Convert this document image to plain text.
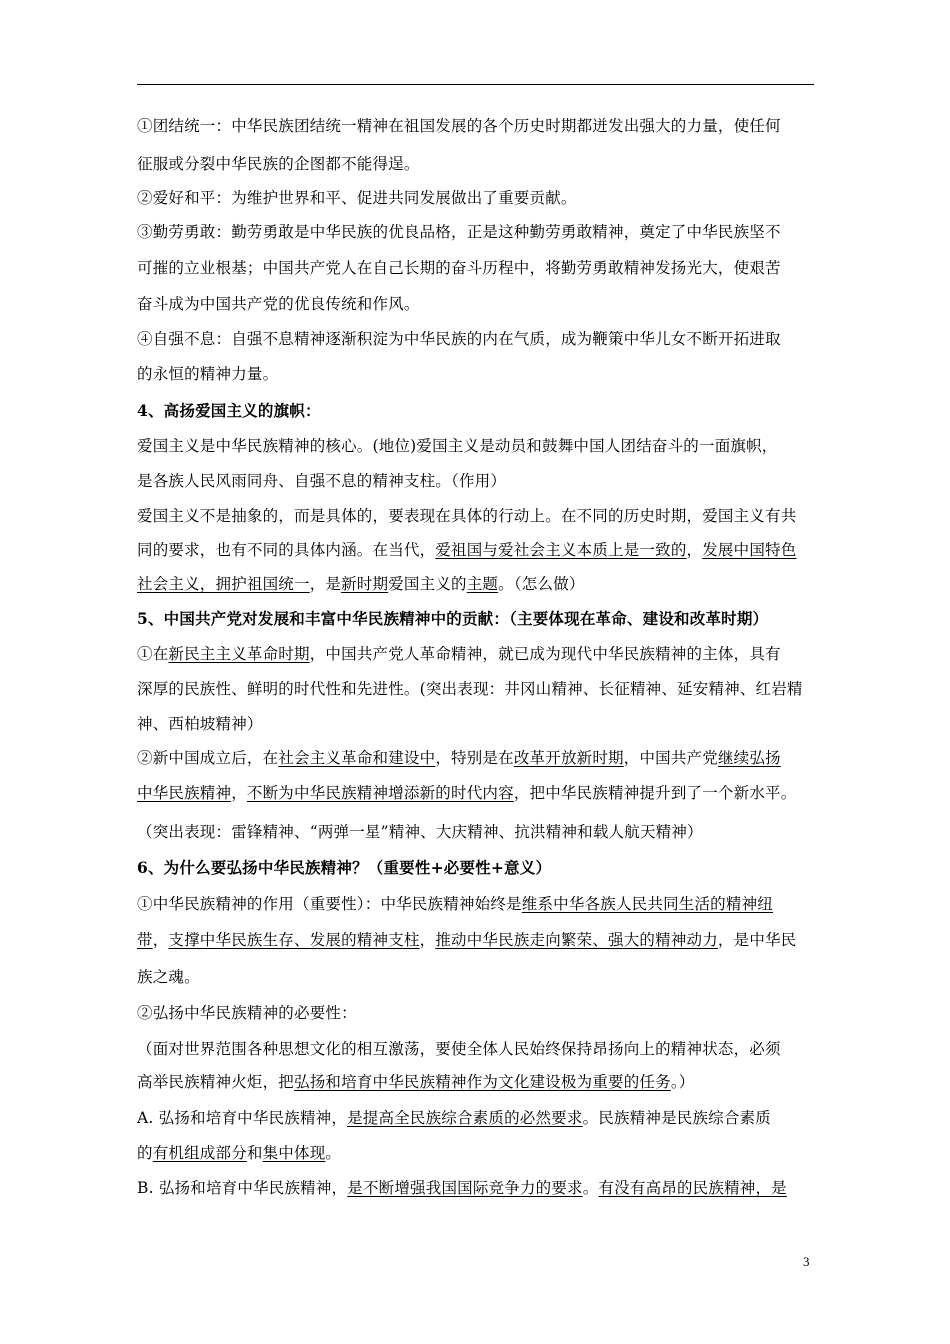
①团结统一：中华民族团结统一精神在祖国发展的各个历史时期都迸发出强大的力量，使任何
征服或分裂中华民族的企图都不能得逞。
②爱好和平：为维护世界和平、促进共同发展做出了重要贡献。
③勤劳勇敢：勤劳勇敢是中华民族的优良品格，正是这种勤劳勇敢精神，奠定了中华民族坚不
可摧的立业根基；中国共产党人在自己长期的奋斗历程中，将勤劳勇敢精神发扬光大，使艰苦
奋斗成为中国共产党的优良传统和作风。
④自强不息：自强不息精神逐渐积淀为中华民族的内在气质，成为鞭策中华儿女不断开拓进取
的永恒的精神力量。
4、高扬爱国主义的旗帜：
爱国主义是中华民族精神的核心。(地位)爱国主义是动员和鼓舞中国人团结奋斗的一面旗帜，
是各族人民风雨同舟、自强不息的精神支柱。（作用）
爱国主义不是抽象的，而是具体的，要表现在具体的行动上。在不同的历史时期，爱国主义有共
同的要求，也有不同的具体内涵。在当代，爱祖国与爱社会主义本质上是一致的，发展中国特色
社会主义，拥护祖国统一，是新时期爱国主义的主题。（怎么做）
5、中国共产党对发展和丰富中华民族精神中的贡献：（主要体现在革命、建设和改革时期）
①在新民主主义革命时期，中国共产党人革命精神，就已成为现代中华民族精神的主体，具有
深厚的民族性、鲜明的时代性和先进性。(突出表现：井冈山精神、长征精神、延安精神、红岩精
神、西柏坡精神）
②新中国成立后，在社会主义革命和建设中，特别是在改革开放新时期，中国共产党继续弘扬
中华民族精神，不断为中华民族精神增添新的时代内容，把中华民族精神提升到了一个新水平。
（突出表现：雷锋精神、“两弹一星”精神、大庆精神、抗洪精神和载人航天精神）
6、为什么要弘扬中华民族精神？（重要性+必要性+意义）
①中华民族精神的作用（重要性）：中华民族精神始终是维系中华各族人民共同生活的精神纽
带，支撑中华民族生存、发展的精神支柱，推动中华民族走向繁荣、强大的精神动力，是中华民
族之魂。
②弘扬中华民族精神的必要性：
（面对世界范围各种思想文化的相互激荡，要使全体人民始终保持昂扬向上的精神状态，必须
高举民族精神火炬，把弘扬和培育中华民族精神作为文化建设极为重要的任务。）
A. 弘扬和培育中华民族精神，是提高全民族综合素质的必然要求。民族精神是民族综合素质
的有机组成部分和集中体现。
B. 弘扬和培育中华民族精神，是不断增强我国国际竞争力的要求。有没有高昂的民族精神，是
3
